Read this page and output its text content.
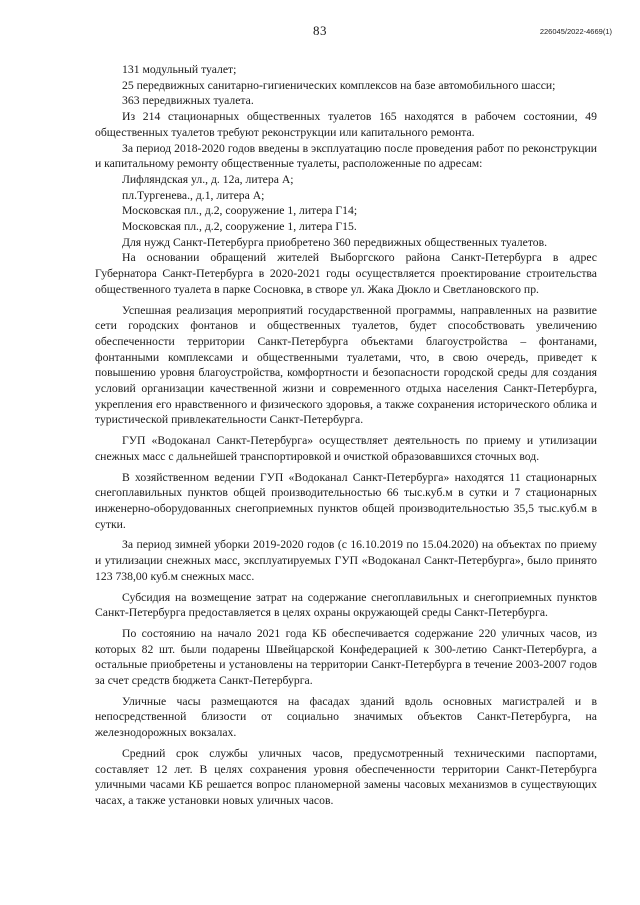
83	226045/2022-4669(1)

131 модульный туалет;

25 передвижных санитарно-гигиенических комплексов на базе автомобильного шасси;

363 передвижных туалета.

Из 214 стационарных общественных туалетов 165 находятся в рабочем состоянии, 49 общественных туалетов требуют реконструкции или капитального ремонта.

За период 2018-2020 годов введены в эксплуатацию после проведения работ по реконструкции и капитальному ремонту общественные туалеты, расположенные по адресам:

Лифляндская ул., д. 12а, литера А;

пл.Тургенева., д.1, литера А;

Московская пл., д.2, сооружение 1, литера Г14;

Московская пл., д.2, сооружение 1, литера Г15.

Для нужд Санкт-Петербурга приобретено 360 передвижных общественных туалетов.

На основании обращений жителей Выборгского района Санкт-Петербурга в адрес Губернатора Санкт-Петербурга в 2020-2021 годы осуществляется проектирование строительства общественного туалета в парке Сосновка, в створе ул. Жака Дюкло и Светлановского пр.

Успешная реализация мероприятий государственной программы, направленных на развитие сети городских фонтанов и общественных туалетов, будет способствовать увеличению обеспеченности территории Санкт-Петербурга объектами благоустройства – фонтанами, фонтанными комплексами и общественными туалетами, что, в свою очередь, приведет к повышению уровня благоустройства, комфортности и безопасности городской среды для создания условий организации качественной жизни и современного отдыха населения Санкт-Петербурга, укрепления его нравственного и физического здоровья, а также сохранения исторического облика и туристической привлекательности Санкт-Петербурга.

ГУП «Водоканал Санкт-Петербурга» осуществляет деятельность по приему и утилизации снежных масс с дальнейшей транспортировкой и очисткой образовавшихся сточных вод.

В хозяйственном ведении ГУП «Водоканал Санкт-Петербурга» находятся 11 стационарных снегоплавильных пунктов общей производительностью 66 тыс.куб.м в сутки и 7 стационарных инженерно-оборудованных снегоприемных пунктов общей производительностью 35,5 тыс.куб.м в сутки.

За период зимней уборки 2019-2020 годов (с 16.10.2019 по 15.04.2020) на объектах по приему и утилизации снежных масс, эксплуатируемых ГУП «Водоканал Санкт-Петербурга», было принято 123 738,00 куб.м снежных масс.

Субсидия на возмещение затрат на содержание снегоплавильных и снегоприемных пунктов Санкт-Петербурга предоставляется в целях охраны окружающей среды Санкт-Петербурга.

По состоянию на начало 2021 года КБ обеспечивается содержание 220 уличных часов, из которых 82 шт. были подарены Швейцарской Конфедерацией к 300-летию Санкт-Петербурга, а остальные приобретены и установлены на территории Санкт-Петербурга в течение 2003-2007 годов за счет средств бюджета Санкт-Петербурга.

Уличные часы размещаются на фасадах зданий вдоль основных магистралей и в непосредственной близости от социально значимых объектов Санкт-Петербурга, на железнодорожных вокзалах.

Средний срок службы уличных часов, предусмотренный техническими паспортами, составляет 12 лет. В целях сохранения уровня обеспеченности территории Санкт-Петербурга уличными часами КБ решается вопрос планомерной замены часовых механизмов в существующих часах, а также установки новых уличных часов.
